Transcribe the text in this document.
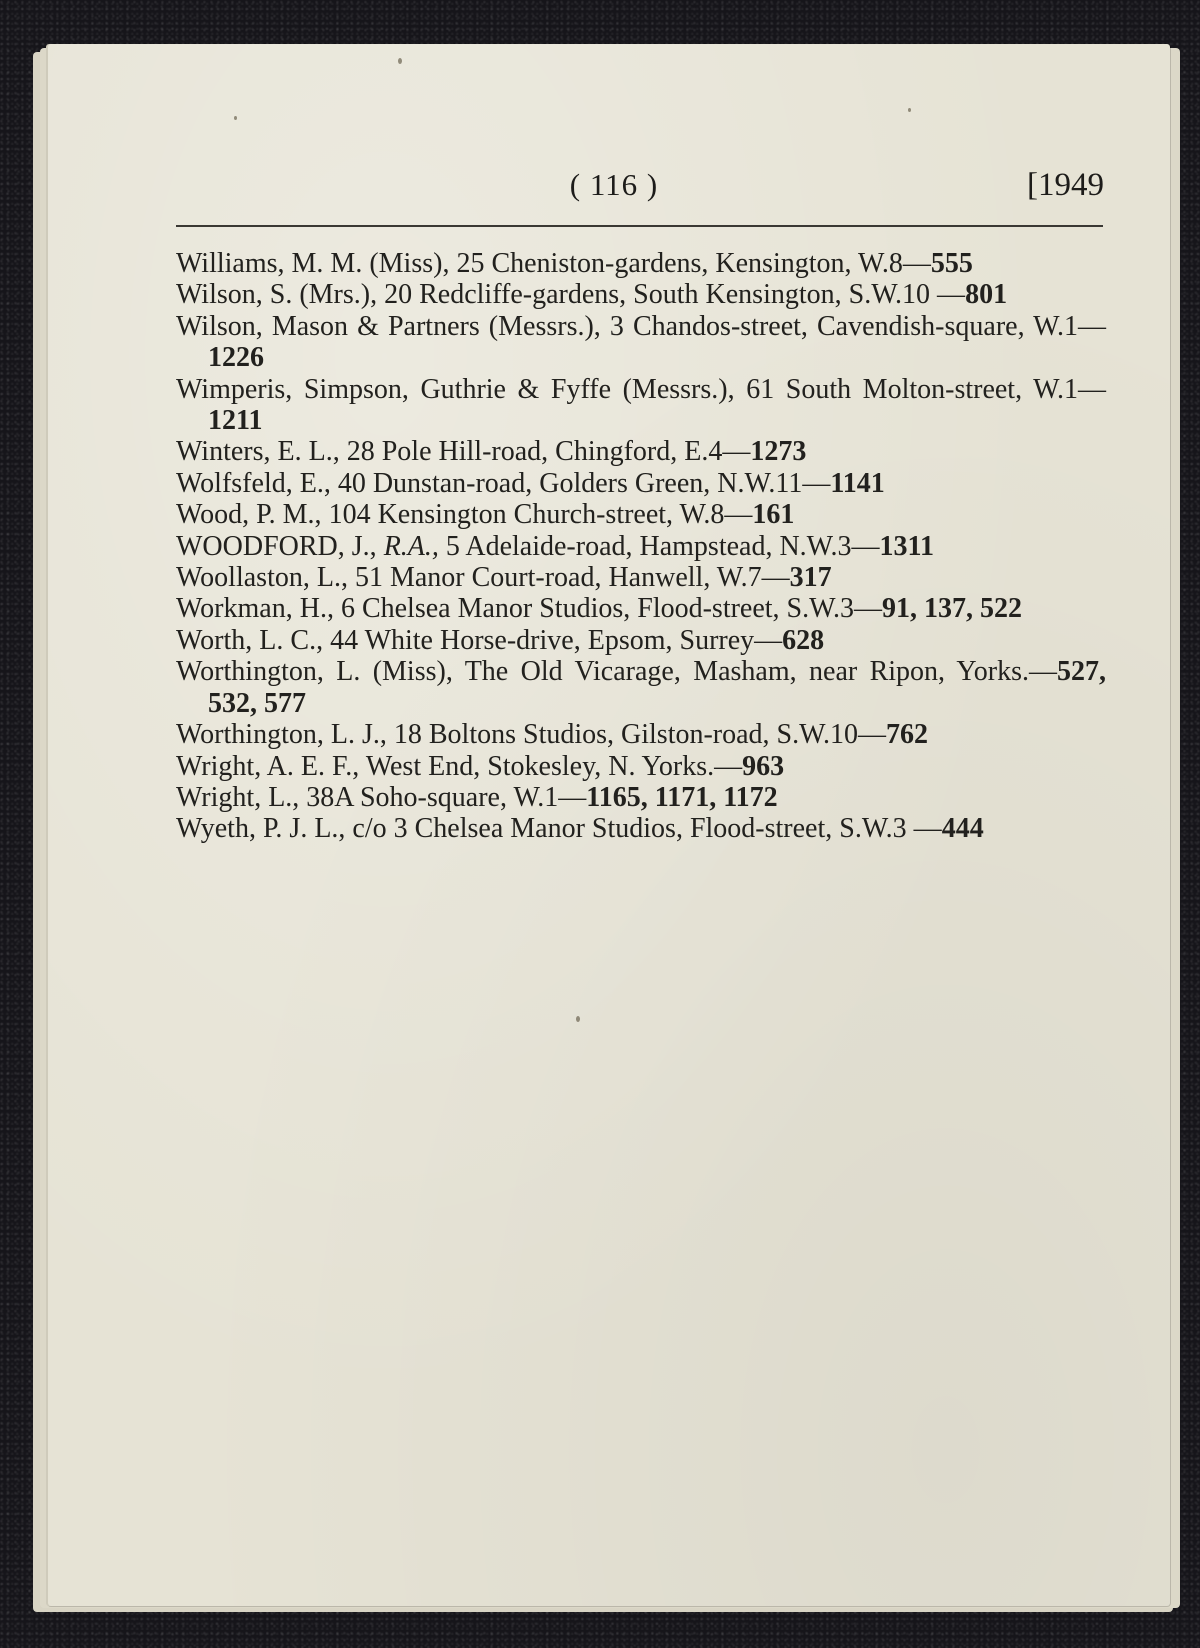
( 116 )	[1949

Williams, M. M. (Miss), 25 Cheniston-gardens, Kensington, W.8—555

Wilson, S. (Mrs.), 20 Redcliffe-gardens, South Kensington, S.W.10 —801

Wilson, Mason & Partners (Messrs.), 3 Chandos-street, Cavendish-square, W.1—1226

Wimperis, Simpson, Guthrie & Fyffe (Messrs.), 61 South Molton-street, W.1—1211

Winters, E. L., 28 Pole Hill-road, Chingford, E.4—1273

Wolfsfeld, E., 40 Dunstan-road, Golders Green, N.W.11—1141

Wood, P. M., 104 Kensington Church-street, W.8—161

WOODFORD, J., R.A., 5 Adelaide-road, Hampstead, N.W.3—1311

Woollaston, L., 51 Manor Court-road, Hanwell, W.7—317

Workman, H., 6 Chelsea Manor Studios, Flood-street, S.W.3—91, 137, 522

Worth, L. C., 44 White Horse-drive, Epsom, Surrey—628

Worthington, L. (Miss), The Old Vicarage, Masham, near Ripon, Yorks.—527, 532, 577

Worthington, L. J., 18 Boltons Studios, Gilston-road, S.W.10—762

Wright, A. E. F., West End, Stokesley, N. Yorks.—963

Wright, L., 38A Soho-square, W.1—1165, 1171, 1172

Wyeth, P. J. L., c/o 3 Chelsea Manor Studios, Flood-street, S.W.3 —444
